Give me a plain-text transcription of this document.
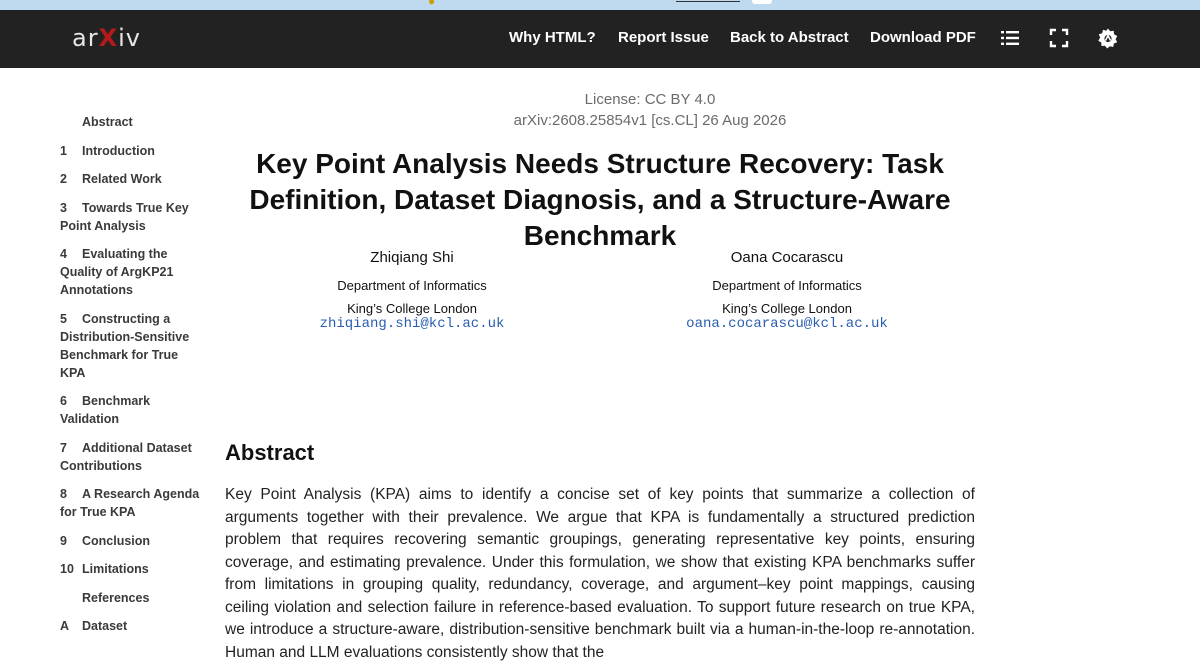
●
arXiv	Why HTML? Report Issue Back to Abstract Download PDF
Abstract
1 Introduction
2 Related Work
3 Towards True Key Point Analysis
4 Evaluating the Quality of ArgKP21 Annotations
5 Constructing a Distribution-Sensitive Benchmark for True KPA
6 Benchmark Validation
7 Additional Dataset Contributions
8 A Research Agenda for True KPA
9 Conclusion
10 Limitations
References
A Dataset
License: CC BY 4.0
arXiv:2608.25854v1 [cs.CL] 26 Aug 2026
Key Point Analysis Needs Structure Recovery: Task Definition, Dataset Diagnosis, and a Structure-Aware Benchmark
Zhiqiang Shi
Department of Informatics
King’s College London
zhiqiang.shi@kcl.ac.uk
Oana Cocarascu
Department of Informatics
King’s College London
oana.cocarascu@kcl.ac.uk
Abstract

Key Point Analysis (KPA) aims to identify a concise set of key points that summarize a collection of arguments together with their prevalence. We argue that KPA is fundamentally a structured prediction problem that requires recovering semantic groupings, generating representative key points, ensuring coverage, and estimating prevalence. Under this formulation, we show that existing KPA benchmarks suffer from limitations in grouping quality, redundancy, coverage, and argument–key point mappings, causing ceiling violation and selection failure in reference-based evaluation. To support future research on true KPA, we introduce a structure-aware, distribution-sensitive benchmark built via a human-in-the-loop re-annotation. Human and LLM evaluations consistently show that the
